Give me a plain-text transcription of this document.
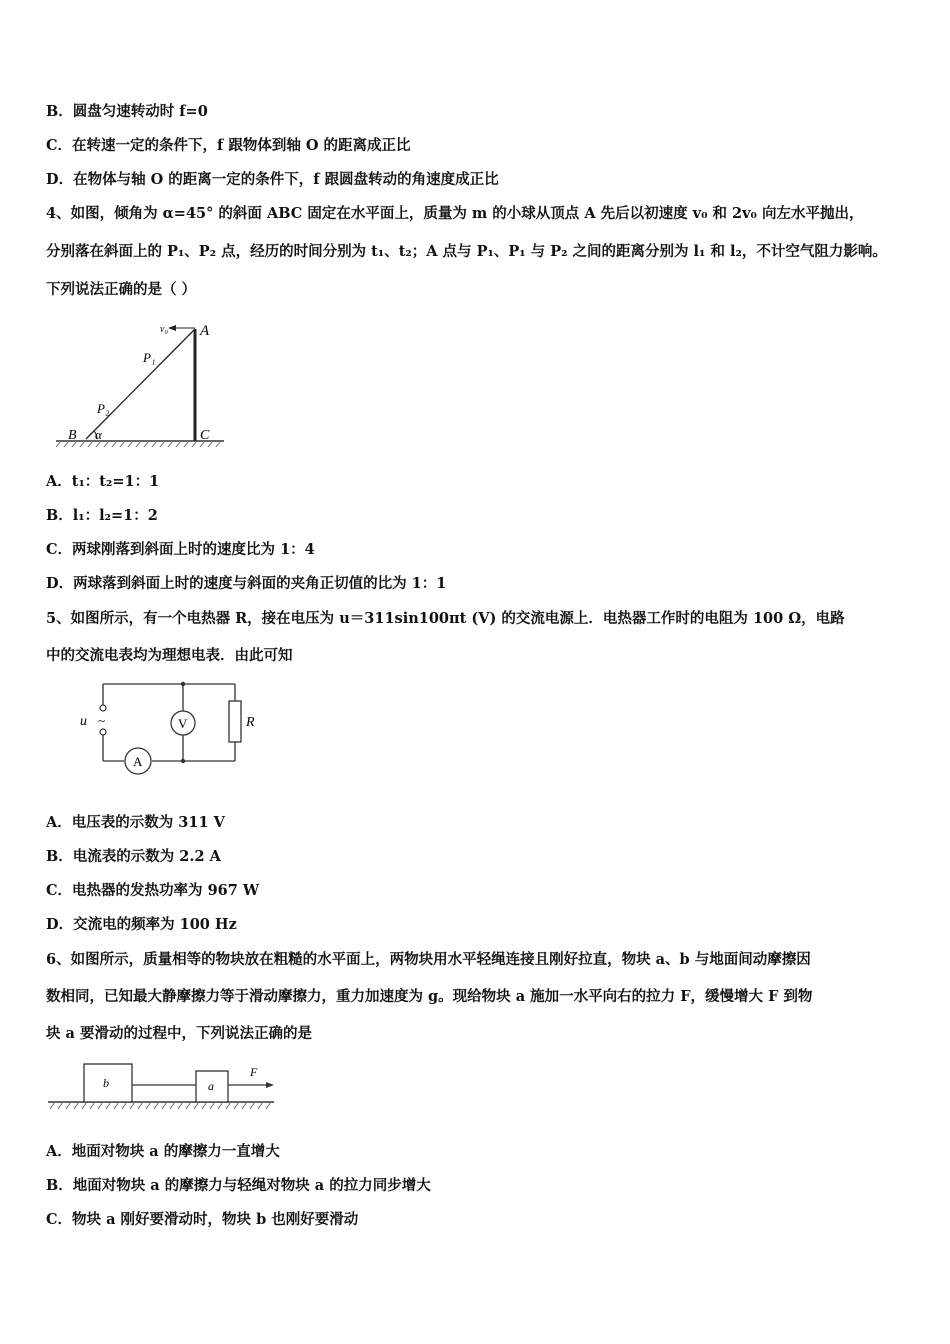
B．圆盘匀速转动时 f=0
C．在转速一定的条件下，f 跟物体到轴 O 的距离成正比
D．在物体与轴 O 的距离一定的条件下，f 跟圆盘转动的角速度成正比
4、如图，倾角为 α=45° 的斜面 ABC 固定在水平面上，质量为 m 的小球从顶点 A 先后以初速度 v₀ 和 2v₀ 向左水平抛出，
分别落在斜面上的 P₁、P₂ 点，经历的时间分别为 t₁、t₂；A 点与 P₁、P₁ 与 P₂ 之间的距离分别为 l₁ 和 l₂，不计空气阻力影响。
下列说法正确的是（ ）
v₀ A
P₁
P₂
B α	C
A．t₁：t₂=1：1
B．l₁：l₂=1：2
C．两球刚落到斜面上时的速度比为 1：4
D．两球落到斜面上时的速度与斜面的夹角正切值的比为 1：1
5、如图所示，有一个电热器 R，接在电压为 u＝311sin100πt (V) 的交流电源上．电热器工作时的电阻为 100 Ω，电路
中的交流电表均为理想电表．由此可知
~
u	V
A
R
A．电压表的示数为 311 V
B．电流表的示数为 2.2 A
C．电热器的发热功率为 967 W
D．交流电的频率为 100 Hz
6、如图所示，质量相等的物块放在粗糙的水平面上，两物块用水平轻绳连接且刚好拉直，物块 a、b 与地面间动摩擦因
数相同，已知最大静摩擦力等于滑动摩擦力，重力加速度为 g。现给物块 a 施加一水平向右的拉力 F，缓慢增大 F 到物
块 a 要滑动的过程中，下列说法正确的是
b	a
F
A．地面对物块 a 的摩擦力一直增大
B．地面对物块 a 的摩擦力与轻绳对物块 a 的拉力同步增大
C．物块 a 刚好要滑动时，物块 b 也刚好要滑动
